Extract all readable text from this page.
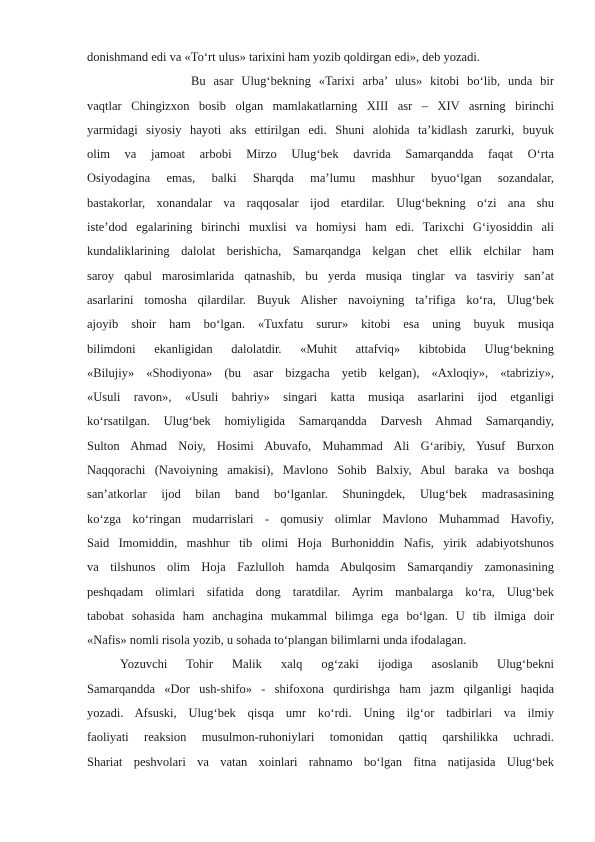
donishmand edi va «To‘rt ulus» tarixini ham yozib qoldirgan edi», deb yozadi.
Bu asar Ulug‘bekning «Tarixi arba’ ulus» kitobi bo‘lib, unda bir
vaqtlar Chingizxon bosib olgan mamlakatlarning XIII asr – XIV asrning birinchi
yarmidagi siyosiy hayoti aks ettirilgan edi. Shuni alohida ta’kidlash zarurki, buyuk
olim va jamoat arbobi Mirzo Ulug‘bek davrida Samarqandda faqat O‘rta
Osiyodagina emas, balki Sharqda ma’lumu mashhur byuo‘lgan sozandalar,
bastakorlar, xonandalar va raqqosalar ijod etardilar. Ulug‘bekning o‘zi ana shu
iste’dod egalarining birinchi muxlisi va homiysi ham edi. Tarixchi G‘iyosiddin ali
kundaliklarining dalolat berishicha, Samarqandga kelgan chet ellik elchilar ham
saroy qabul marosimlarida qatnashib, bu yerda musiqa tinglar va tasviriy san’at
asarlarini tomosha qilardilar. Buyuk Alisher navoiyning ta’rifiga ko‘ra, Ulug‘bek
ajoyib shoir ham bo‘lgan. «Tuxfatu surur» kitobi esa uning buyuk musiqa
bilimdoni ekanligidan dalolatdir. «Muhit attafviq» kibtobida Ulug‘bekning
«Bilujiy» «Shodiyona» (bu asar bizgacha yetib kelgan), «Axloqiy», «tabriziy»,
«Usuli ravon», «Usuli bahriy» singari katta musiqa asarlarini ijod etganligi
ko‘rsatilgan. Ulug‘bek homiyligida Samarqandda Darvesh Ahmad Samarqandiy,
Sulton Ahmad Noiy, Hosimi Abuvafo, Muhammad Ali G‘aribiy, Yusuf Burxon
Naqqorachi (Navoiyning amakisi), Mavlono Sohib Balxiy, Abul baraka va boshqa
san’atkorlar ijod bilan band bo‘lganlar. Shuningdek, Ulug‘bek madrasasining
ko‘zga ko‘ringan mudarrislari - qomusiy olimlar Mavlono Muhammad Havofiy,
Said Imomiddin, mashhur tib olimi Hoja Burhoniddin Nafis, yirik adabiyotshunos
va tilshunos olim Hoja Fazlulloh hamda Abulqosim Samarqandiy zamonasining
peshqadam olimlari sifatida dong taratdilar. Ayrim manbalarga ko‘ra, Ulug‘bek
tabobat sohasida ham anchagina mukammal bilimga ega bo‘lgan. U tib ilmiga doir
«Nafis» nomli risola yozib, u sohada to‘plangan bilimlarni unda ifodalagan.
Yozuvchi Tohir Malik xalq og‘zaki ijodiga asoslanib Ulug‘bekni
Samarqandda «Dor ush-shifo» - shifoxona qurdirishga ham jazm qilganligi haqida
yozadi. Afsuski, Ulug‘bek qisqa umr ko‘rdi. Uning ilg‘or tadbirlari va ilmiy
faoliyati reaksion musulmon-ruhoniylari tomonidan qattiq qarshilikka uchradi.
Shariat peshvolari va vatan xoinlari rahnamo bo‘lgan fitna natijasida Ulug‘bek
